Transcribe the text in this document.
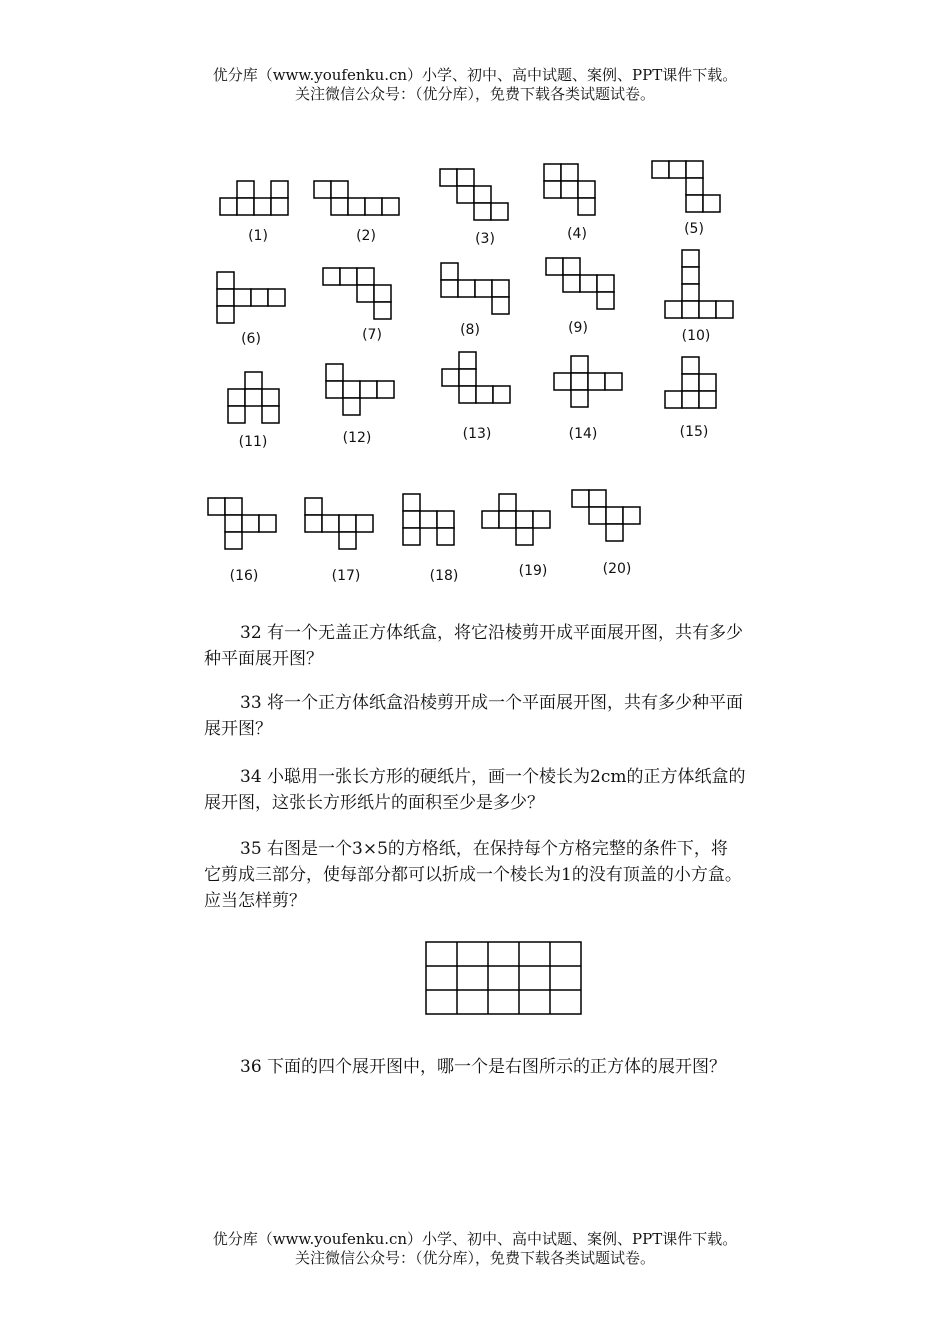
优分库（www.youfenku.cn）小学、初中、高中试题、案例、PPT课件下载。
关注微信公众号：（优分库），免费下载各类试题试卷。
(1)	(2)	(3)	(4)	(5)
(6)	(7)	(8)	(9)	(10)
(11)	(12)	(13)	(14)	(15)
(16)	(17)	(18)	(19)	(20)
32 有一个无盖正方体纸盒，将它沿棱剪开成平面展开图，共有多少
种平面展开图？
33 将一个正方体纸盒沿棱剪开成一个平面展开图，共有多少种平面
展开图？
34 小聪用一张长方形的硬纸片，画一个棱长为2cm的正方体纸盒的
展开图，这张长方形纸片的面积至少是多少？
35 右图是一个3×5的方格纸，在保持每个方格完整的条件下，将
它剪成三部分，使每部分都可以折成一个棱长为1的没有顶盖的小方盒。
应当怎样剪？
36 下面的四个展开图中，哪一个是右图所示的正方体的展开图？
优分库（www.youfenku.cn）小学、初中、高中试题、案例、PPT课件下载。
关注微信公众号：（优分库），免费下载各类试题试卷。
